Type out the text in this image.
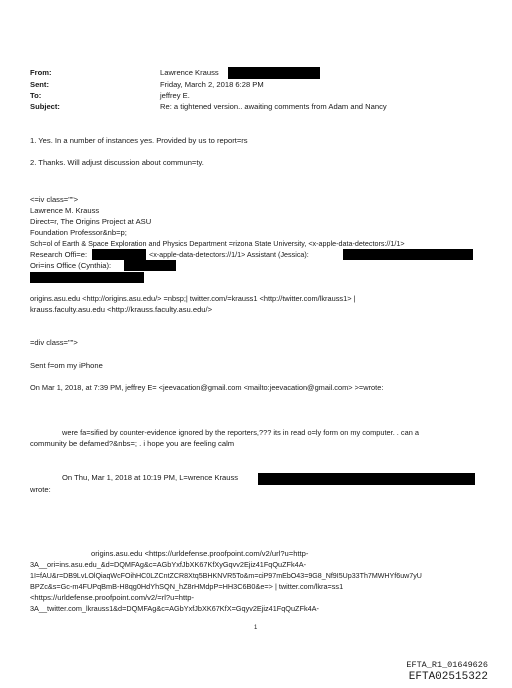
From:	Lawrence Krauss
Sent:	Friday, March 2, 2018 6:28 PM
To:	jeffrey E.
Subject:	Re: a tightened version.. awaiting comments from Adam and Nancy
1. Yes. In a number of instances yes. Provided by us to report=rs
2. Thanks. Will adjust discussion about commun=ty.
<=iv class="">
Lawrence M. Krauss
Direct=r, The Origins Project at ASU
Foundation Professor&nb=p;
Sch=ol of Earth & Space Exploration and Physics Department =rizona State University, <x-apple-data-detectors://1/1>
Research Offi=e:	<x-apple-data-detectors://1/1> Assistant (Jessica):
Ori=ins Office (Cynthia):
origins.asu.edu <http://origins.asu.edu/> =nbsp;| twitter.com/=krauss1 <http://twitter.com/lkrauss1> |
krauss.faculty.asu.edu <http://krauss.faculty.asu.edu/>
=div class="">
Sent f=om my iPhone
On Mar 1, 2018, at 7:39 PM, jeffrey E= <jeevacation@gmail.com <mailto:jeevacation@gmail.com> >=wrote:
were fa=sified by counter-evidence ignored by the reporters,??? its in read o=ly form on my computer. . can a
community be defamed?&nbs=; . i hope you are feeling calm
On Thu, Mar 1, 2018 at 10:19 PM, L=wrence Krauss
wrote:
origins.asu.edu <https://urldefense.proofpoint.com/v2/url?u=http-
3A__ori=ins.asu.edu_&d=DQMFAg&c=AGbYxfJbXK67KfXyGqvv2Ejiz41FqQuZFk4A-
1I=fAU&r=DB9LvLOlQiaqWcFOihHC0LZCntZCR8Xtq5BHKNVR5To&m=ciP97mEbO43=9G8_Nf9I5Up33Th7MWHYf6uw7yU
BPZc&s=Gc-m4FUPqBmB-H8qg0HdYhSQN_hZ8rHMdpP=HH3C6B0&e=> | twitter.com/lkra=ss1
<https://urldefense.proofpoint.com/v2/=rl?u=http-
3A__twitter.com_lkrauss1&d=DQMFAg&c=AGbYxfJbXK67KfX=Gqyv2Ejiz41FqQuZFk4A-
1
EFTA_R1_01649626
EFTA02515322
